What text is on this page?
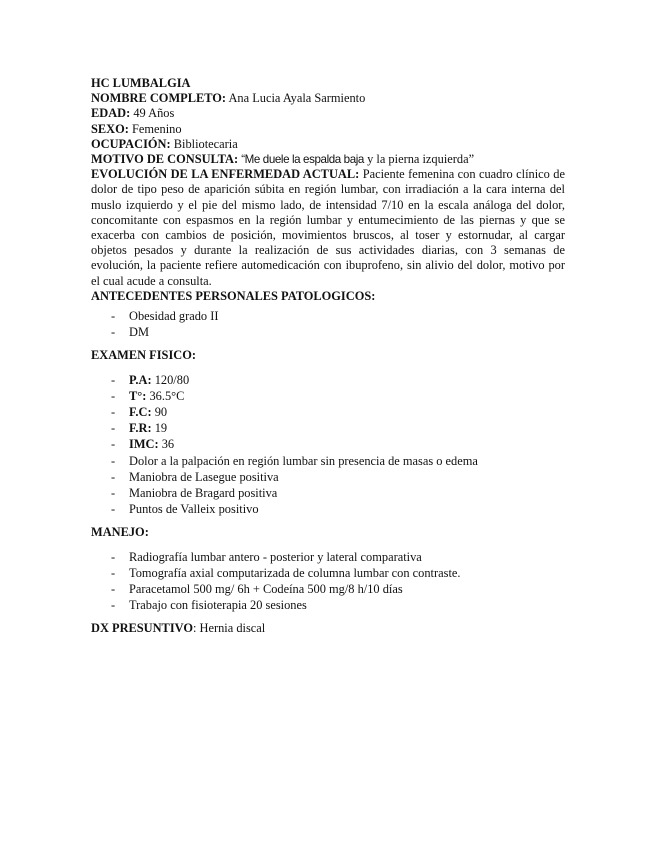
HC LUMBALGIA
NOMBRE COMPLETO: Ana Lucia Ayala Sarmiento
EDAD: 49 Años
SEXO: Femenino
OCUPACIÓN: Bibliotecaria
MOTIVO DE CONSULTA: “Me duele la espalda baja y la pierna izquierda”
EVOLUCIÓN DE LA ENFERMEDAD ACTUAL: Paciente femenina con cuadro clínico de dolor de tipo peso de aparición súbita en región lumbar, con irradiación a la cara interna del muslo izquierdo y el pie del mismo lado, de intensidad 7/10 en la escala análoga del dolor, concomitante con espasmos en la región lumbar y entumecimiento de las piernas y que se exacerba con cambios de posición, movimientos bruscos, al toser y estornudar, al cargar objetos pesados y durante la realización de sus actividades diarias, con 3 semanas de evolución, la paciente refiere automedicación con ibuprofeno, sin alivio del dolor, motivo por el cual acude a consulta.
ANTECEDENTES PERSONALES PATOLOGICOS:
- Obesidad grado II
- DM
EXAMEN FISICO:
- P.A: 120/80
- T°: 36.5°C
- F.C: 90
- F.R: 19
- IMC: 36
- Dolor a la palpación en región lumbar sin presencia de masas o edema
- Maniobra de Lasegue positiva
- Maniobra de Bragard positiva
- Puntos de Valleix positivo
MANEJO:
- Radiografía lumbar antero - posterior y lateral comparativa
- Tomografía axial computarizada de columna lumbar con contraste.
- Paracetamol 500 mg/ 6h + Codeína 500 mg/8 h/10 días
- Trabajo con fisioterapia 20 sesiones
DX PRESUNTIVO: Hernia discal
